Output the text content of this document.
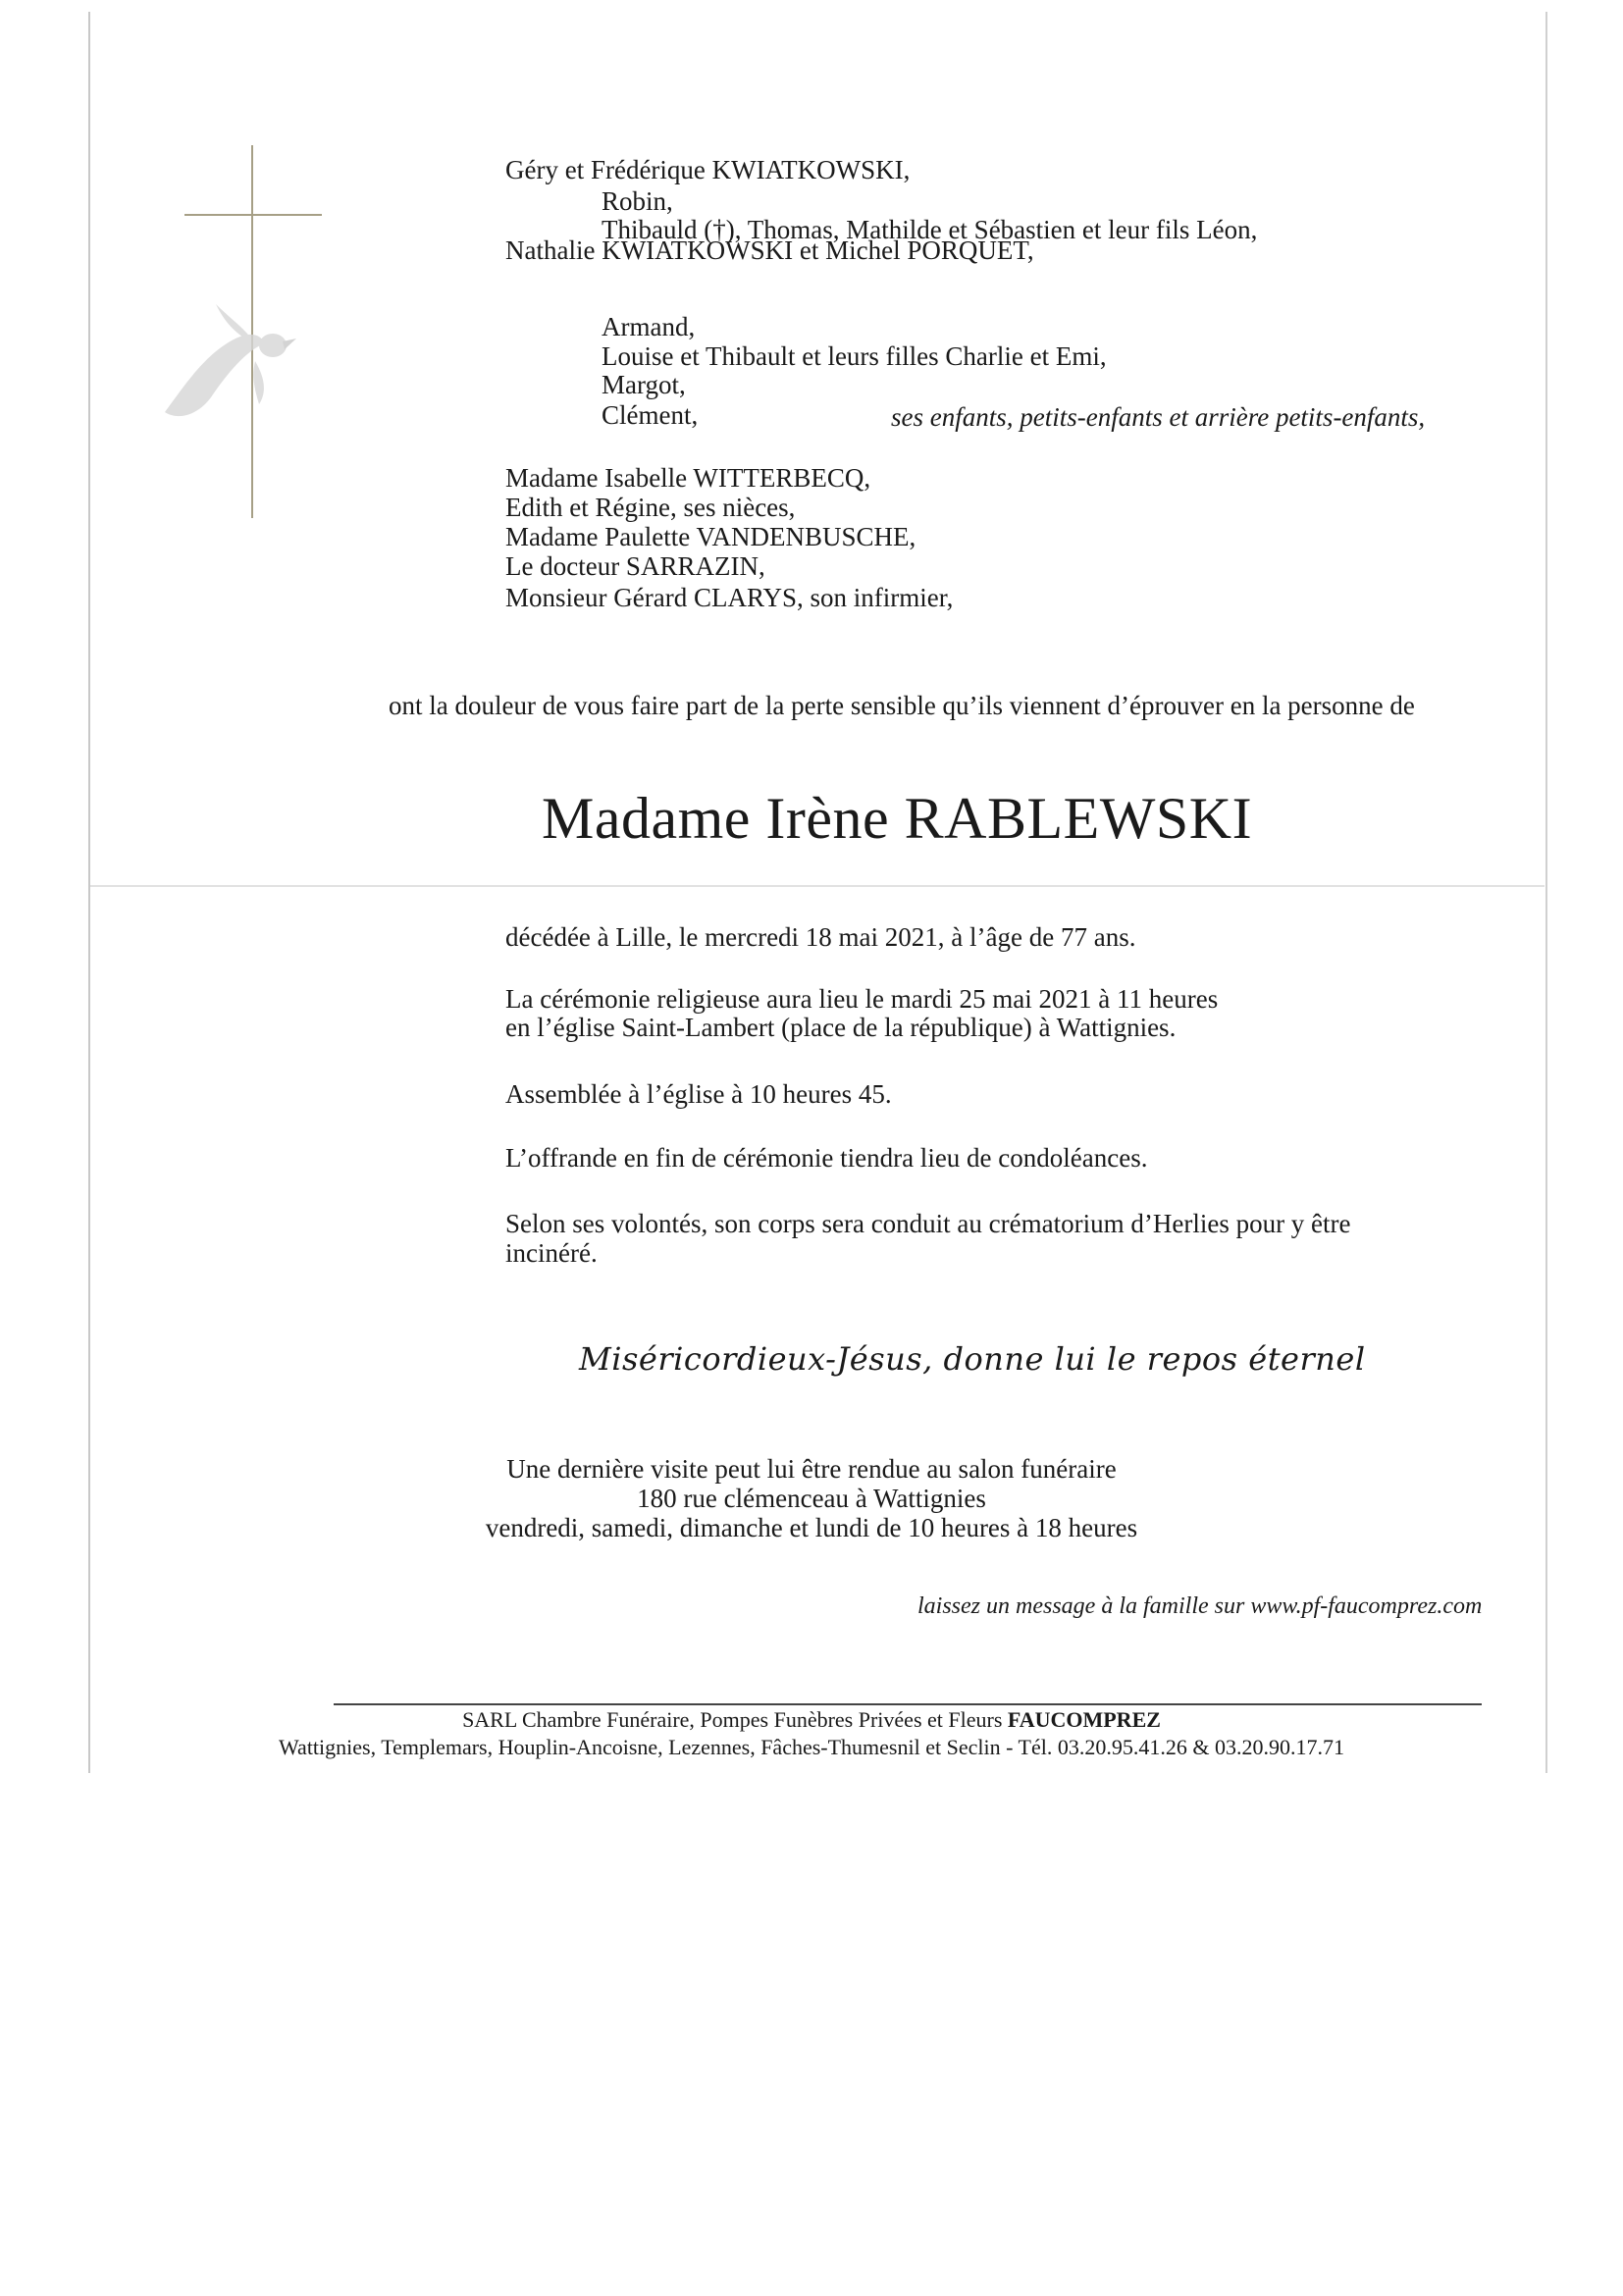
Géry et Frédérique KWIATKOWSKI,

Robin,

Thibauld (†), Thomas, Mathilde et Sébastien et leur fils Léon,

Nathalie KWIATKOWSKI et Michel PORQUET,

Armand,

Louise et Thibault et leurs filles Charlie et Emi,

Margot,

Clément,	ses enfants, petits-enfants et arrière petits-enfants,

Madame Isabelle WITTERBECQ,

Edith et Régine, ses nièces,

Madame Paulette VANDENBUSCHE,

Le docteur SARRAZIN,

Monsieur Gérard CLARYS, son infirmier,

ont la douleur de vous faire part de la perte sensible qu’ils viennent d’éprouver en la personne de

Madame Irène RABLEWSKI

décédée à Lille, le mercredi 18 mai 2021, à l’âge de 77 ans.

La cérémonie religieuse aura lieu le mardi 25 mai 2021 à 11 heures

en l’église Saint-Lambert (place de la république) à Wattignies.

Assemblée à l’église à 10 heures 45.

L’offrande en fin de cérémonie tiendra lieu de condoléances.

Selon ses volontés, son corps sera conduit au crématorium d’Herlies pour y être

incinéré.

Miséricordieux-Jésus, donne lui le repos éternel

Une dernière visite peut lui être rendue au salon funéraire

180 rue clémenceau à Wattignies

vendredi, samedi, dimanche et lundi de 10 heures à 18 heures

laissez un message à la famille sur www.pf-faucomprez.com

SARL Chambre Funéraire, Pompes Funèbres Privées et Fleurs FAUCOMPREZ

Wattignies, Templemars, Houplin-Ancoisne, Lezennes, Fâches-Thumesnil et Seclin - Tél. 03.20.95.41.26 & 03.20.90.17.71
